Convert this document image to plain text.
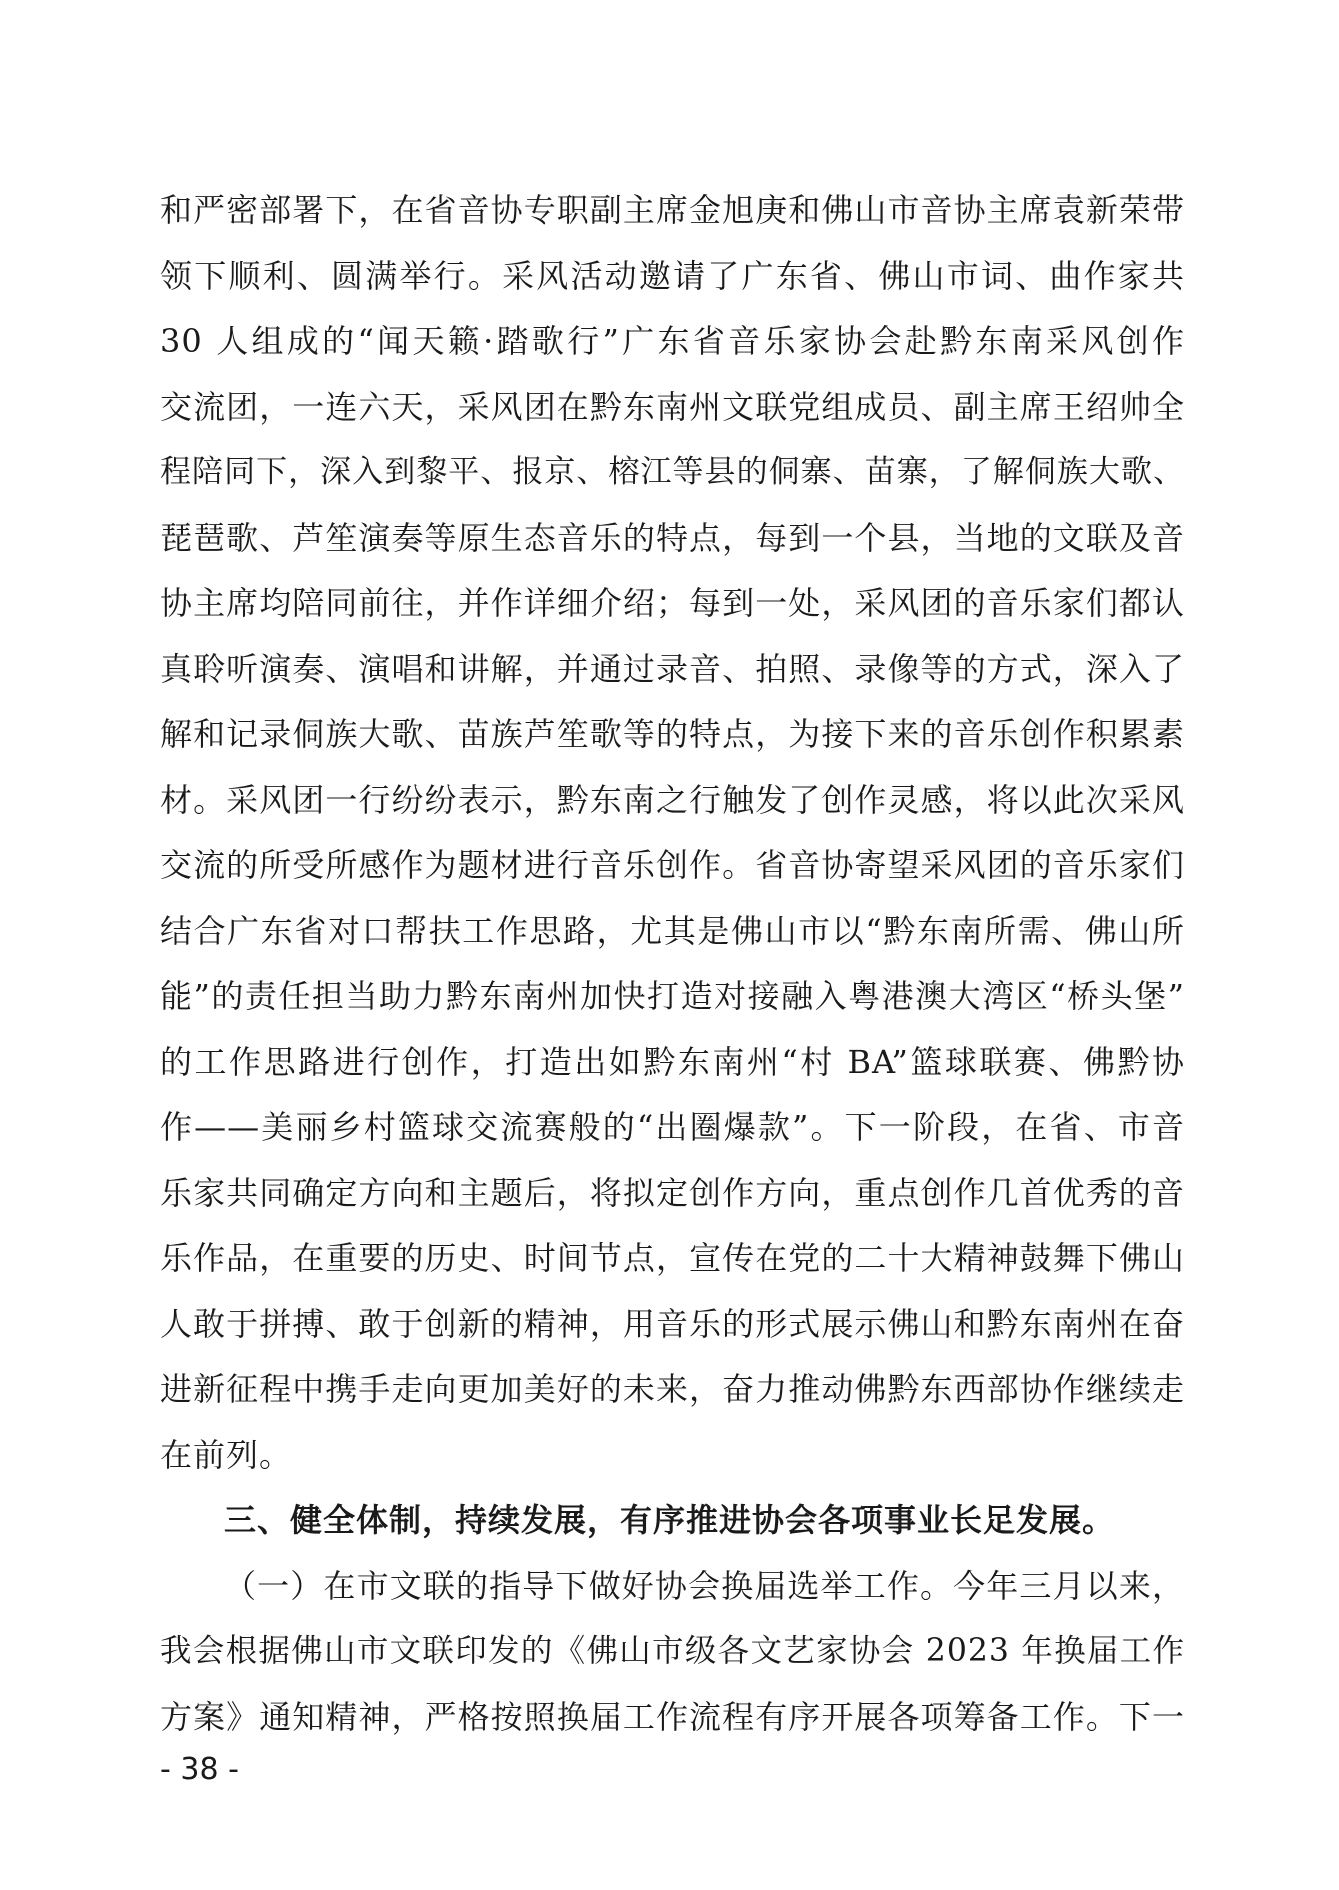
和严密部署下，在省音协专职副主席金旭庚和佛山市音协主席袁新荣带
领下顺利、圆满举行。采风活动邀请了广东省、佛山市词、曲作家共
30 人组成的“闻天籁·踏歌行”广东省音乐家协会赴黔东南采风创作
交流团，一连六天，采风团在黔东南州文联党组成员、副主席王绍帅全
程陪同下，深入到黎平、报京、榕江等县的侗寨、苗寨，了解侗族大歌、
琵琶歌、芦笙演奏等原生态音乐的特点，每到一个县，当地的文联及音
协主席均陪同前往，并作详细介绍；每到一处，采风团的音乐家们都认
真聆听演奏、演唱和讲解，并通过录音、拍照、录像等的方式，深入了
解和记录侗族大歌、苗族芦笙歌等的特点，为接下来的音乐创作积累素
材。采风团一行纷纷表示，黔东南之行触发了创作灵感，将以此次采风
交流的所受所感作为题材进行音乐创作。省音协寄望采风团的音乐家们
结合广东省对口帮扶工作思路，尤其是佛山市以“黔东南所需、佛山所
能”的责任担当助力黔东南州加快打造对接融入粤港澳大湾区“桥头堡”
的工作思路进行创作，打造出如黔东南州“村 BA”篮球联赛、佛黔协
作——美丽乡村篮球交流赛般的“出圈爆款”。下一阶段，在省、市音
乐家共同确定方向和主题后，将拟定创作方向，重点创作几首优秀的音
乐作品，在重要的历史、时间节点，宣传在党的二十大精神鼓舞下佛山
人敢于拼搏、敢于创新的精神，用音乐的形式展示佛山和黔东南州在奋
进新征程中携手走向更加美好的未来，奋力推动佛黔东西部协作继续走
在前列。
三、健全体制，持续发展，有序推进协会各项事业长足发展。
（一）在市文联的指导下做好协会换届选举工作。今年三月以来，
我会根据佛山市文联印发的《佛山市级各文艺家协会 2023 年换届工作
方案》通知精神，严格按照换届工作流程有序开展各项筹备工作。下一
- 38 -
